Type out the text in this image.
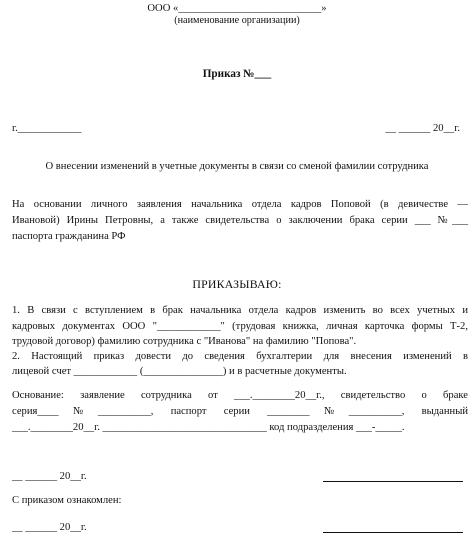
ООО «___________________________»
(наименование организации)
Приказ №___
г.____________	__ ______ 20__г.
О внесении изменений в учетные документы в связи со сменой фамилии сотрудника
На основании личного заявления начальника отдела кадров Поповой (в девичестве —
Ивановой) Ирины Петровны, а также свидетельства о заключении брака серии ___ №___
паспорта гражданина РФ
ПРИКАЗЫВАЮ:
1. В связи с вступлением в брак начальника отдела кадров изменить во всех учетных и
кадровых документах ООО "____________" (трудовая книжка, личная карточка формы Т-2,
трудовой договор) фамилию сотрудника с "Иванова" на фамилию "Попова".
2. Настоящий приказ довести до сведения бухгалтерии для внесения изменений в
лицевой счет ____________ (_______________) и в расчетные документы.
Основание: заявление сотрудника от ___.________20__г., свидетельство о браке
серия____№__________, паспорт серии ________№__________, выданный
___.________20__г. _______________________________ код подразделения ___-_____.
__ ______ 20__г.
С приказом ознакомлен:
__ ______ 20__г.
